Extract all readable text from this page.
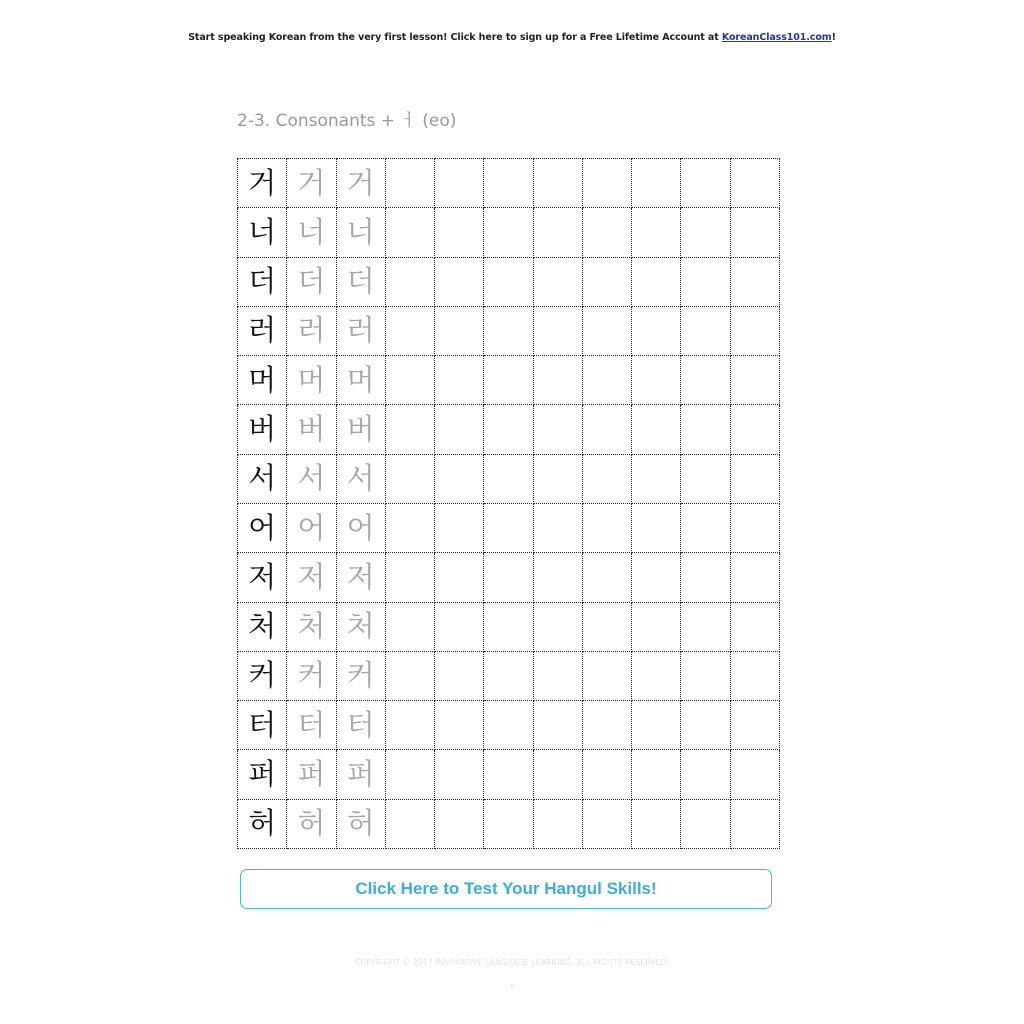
Start speaking Korean from the very first lesson! Click here to sign up for a Free Lifetime Account at KoreanClass101.com!
2-3. Consonants + ㅓ (eo)
거	거	거								
너	너	너								
더	더	더								
러	러	러								
머	머	머								
버	버	버								
서	서	서								
어	어	어								
저	저	저								
처	처	처								
커	커	커								
터	터	터								
퍼	퍼	퍼								
허	허	허								
Click Here to Test Your Hangul Skills!
COPYRIGHT © 2017 INNOVATIVE LANGUAGE LEARNING. ALL RIGHTS RESERVED.
- 6 -
